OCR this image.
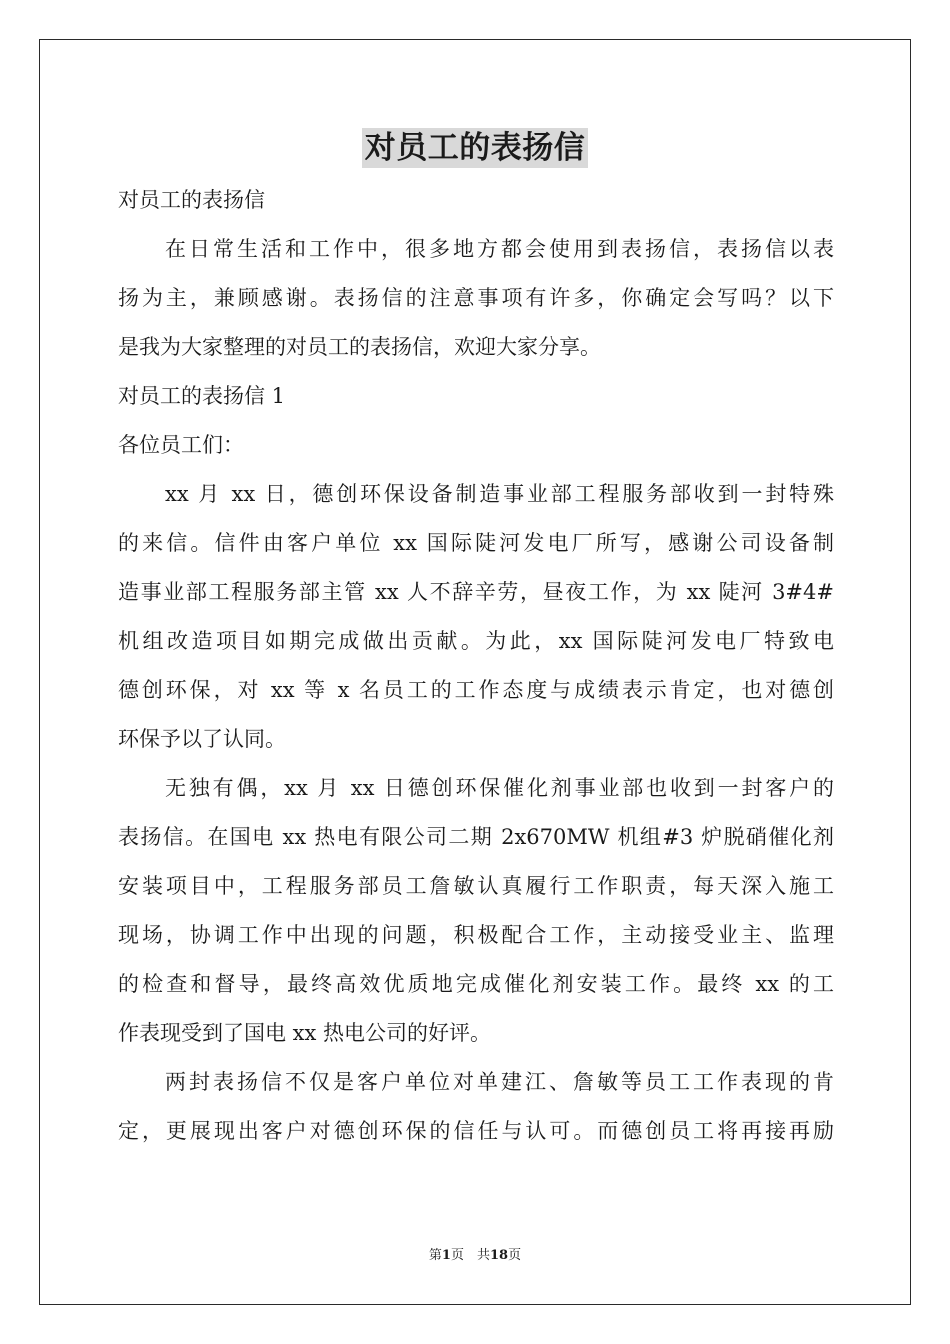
对员工的表扬信
对员工的表扬信
在日常生活和工作中，很多地方都会使用到表扬信，表扬信以表
扬为主，兼顾感谢。表扬信的注意事项有许多，你确定会写吗？以下
是我为大家整理的对员工的表扬信，欢迎大家分享。
对员工的表扬信 1
各位员工们：
xx 月 xx 日，德创环保设备制造事业部工程服务部收到一封特殊
的来信。信件由客户单位 xx 国际陡河发电厂所写，感谢公司设备制
造事业部工程服务部主管 xx 人不辞辛劳，昼夜工作，为 xx 陡河 3#4#
机组改造项目如期完成做出贡献。为此，xx 国际陡河发电厂特致电
德创环保，对 xx 等 x 名员工的工作态度与成绩表示肯定，也对德创
环保予以了认同。
无独有偶，xx 月 xx 日德创环保催化剂事业部也收到一封客户的
表扬信。在国电 xx 热电有限公司二期 2x670MW 机组#3 炉脱硝催化剂
安装项目中，工程服务部员工詹敏认真履行工作职责，每天深入施工
现场，协调工作中出现的问题，积极配合工作，主动接受业主、监理
的检查和督导，最终高效优质地完成催化剂安装工作。最终 xx 的工
作表现受到了国电 xx 热电公司的好评。
两封表扬信不仅是客户单位对单建江、詹敏等员工工作表现的肯
定，更展现出客户对德创环保的信任与认可。而德创员工将再接再励
第1页　共18页
